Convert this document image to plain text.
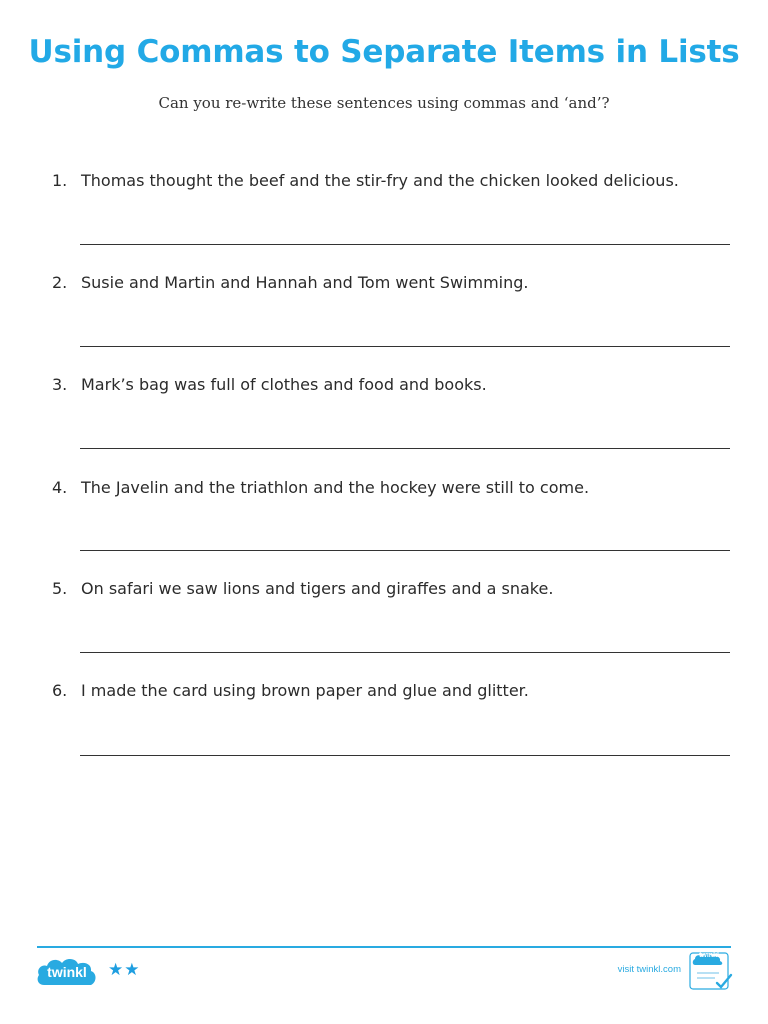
Using Commas to Separate Items in Lists
Can you re-write these sentences using commas and ‘and’?
1. Thomas thought the beef and the stir-fry and the chicken looked delicious.
2. Susie and Martin and Hannah and Tom went Swimming.
3. Mark’s bag was full of clothes and food and books.
4. The Javelin and the triathlon and the hockey were still to come.
5. On safari we saw lions and tigers and giraffes and a snake.
6. I made the card using brown paper and glue and glitter.
twinkl	★★	visit twinkl.com
twinkl
